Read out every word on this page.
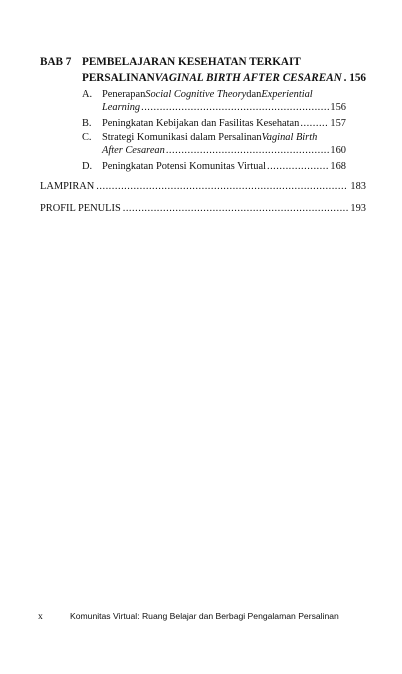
BAB 7 PEMBELAJARAN KESEHATAN TERKAIT
PERSALINAN VAGINAL BIRTH AFTER CESAREAN . 156
A. Penerapan Social Cognitive Theory dan Experiential
Learning .....	156
B. Peningkatan Kebijakan dan Fasilitas Kesehatan .....	157
C. Strategi Komunikasi dalam Persalinan Vaginal Birth
After Cesarean .....	160
D. Peningkatan Potensi Komunitas Virtual .....	168
LAMPIRAN .....	183
PROFIL PENULIS .....	193
x	Komunitas Virtual: Ruang Belajar dan Berbagi Pengalaman Persalinan
